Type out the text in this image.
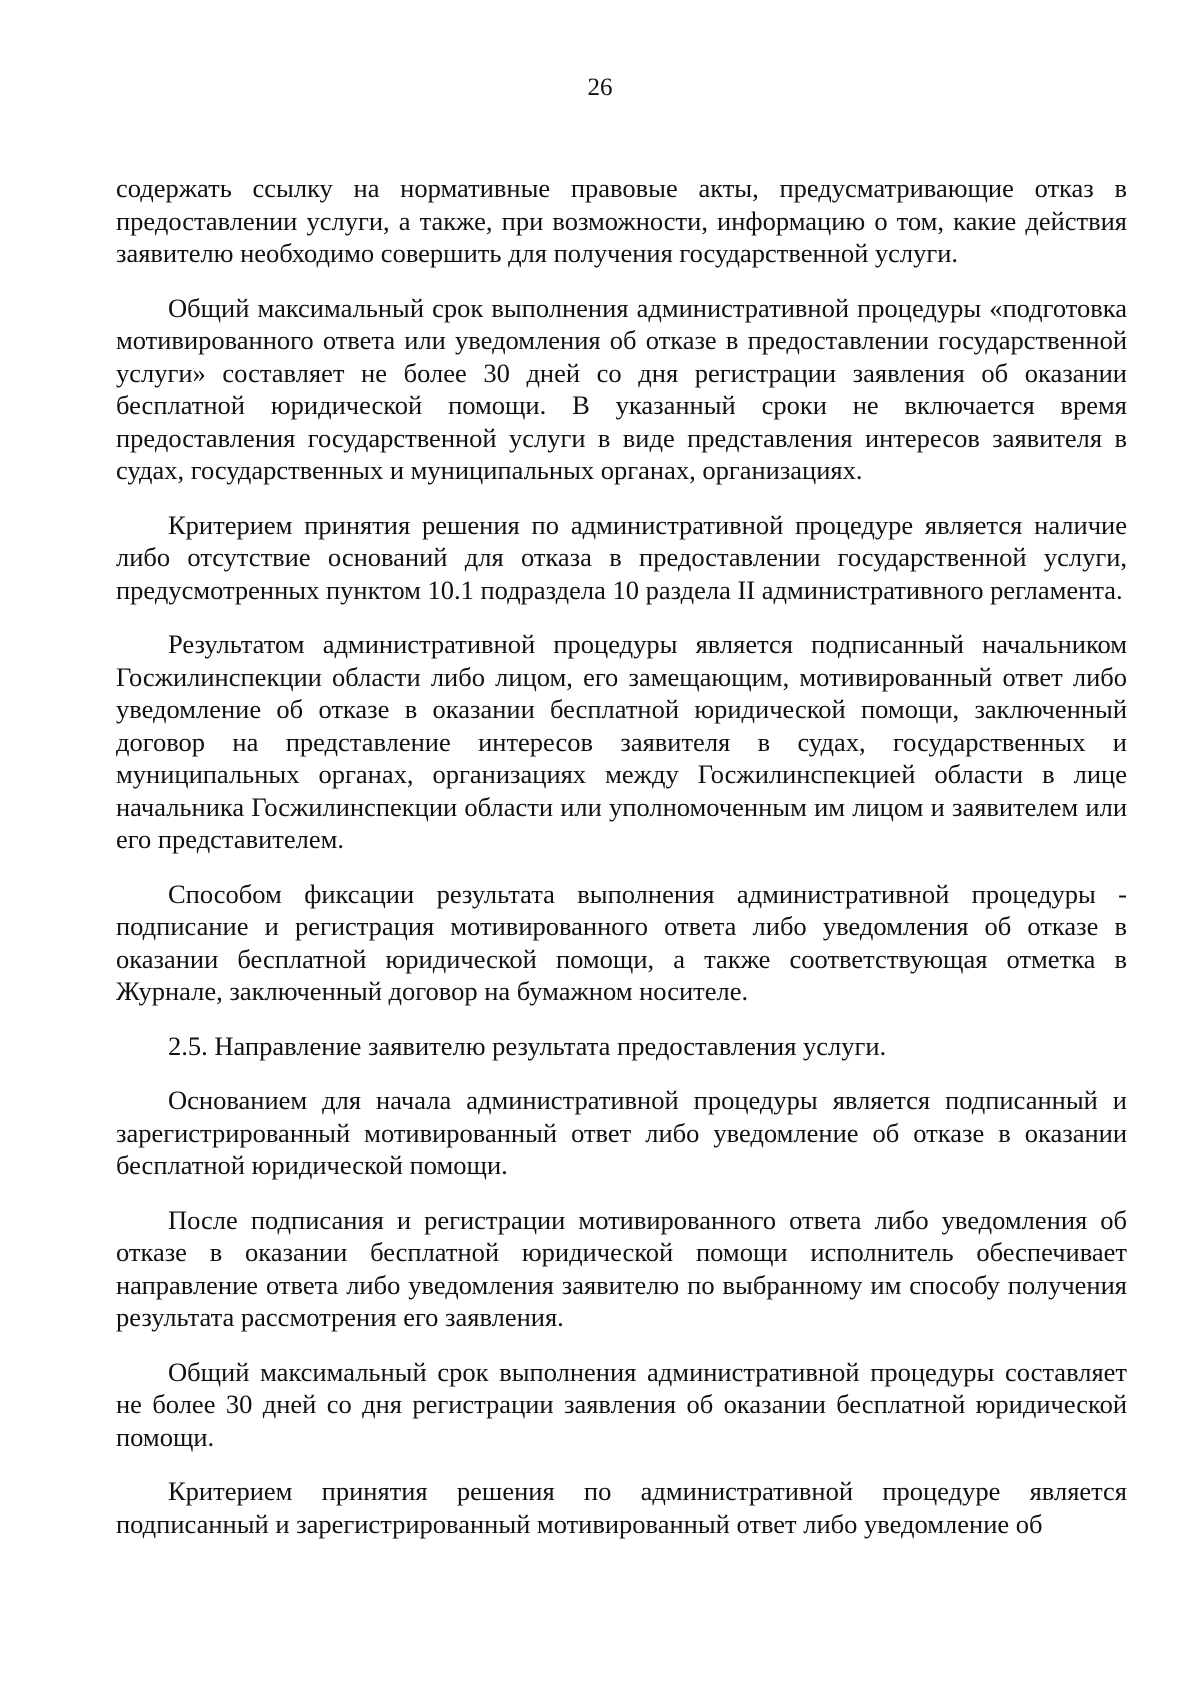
26

содержать ссылку на нормативные правовые акты, предусматривающие отказ в предоставлении услуги, а также, при возможности, информацию о том, какие действия заявителю необходимо совершить для получения государственной услуги.

Общий максимальный срок выполнения административной процедуры «подготовка мотивированного ответа или уведомления об отказе в предоставлении государственной услуги» составляет не более 30 дней со дня регистрации заявления об оказании бесплатной юридической помощи. В указанный сроки не включается время предоставления государственной услуги в виде представления интересов заявителя в судах, государственных и муниципальных органах, организациях.

Критерием принятия решения по административной процедуре является наличие либо отсутствие оснований для отказа в предоставлении государственной услуги, предусмотренных пунктом 10.1 подраздела 10 раздела II административного регламента.

Результатом административной процедуры является подписанный начальником Госжилинспекции области либо лицом, его замещающим, мотивированный ответ либо уведомление об отказе в оказании бесплатной юридической помощи, заключенный договор на представление интересов заявителя в судах, государственных и муниципальных органах, организациях между Госжилинспекцией области в лице начальника Госжилинспекции области или уполномоченным им лицом и заявителем или его представителем.

Способом фиксации результата выполнения административной процедуры - подписание и регистрация мотивированного ответа либо уведомления об отказе в оказании бесплатной юридической помощи, а также соответствующая отметка в Журнале, заключенный договор на бумажном носителе.

2.5. Направление заявителю результата предоставления услуги.

Основанием для начала административной процедуры является подписанный и зарегистрированный мотивированный ответ либо уведомление об отказе в оказании бесплатной юридической помощи.

После подписания и регистрации мотивированного ответа либо уведомления об отказе в оказании бесплатной юридической помощи исполнитель обеспечивает направление ответа либо уведомления заявителю по выбранному им способу получения результата рассмотрения его заявления.

Общий максимальный срок выполнения административной процедуры составляет не более 30 дней со дня регистрации заявления об оказании бесплатной юридической помощи.

Критерием принятия решения по административной процедуре является подписанный и зарегистрированный мотивированный ответ либо уведомление об
